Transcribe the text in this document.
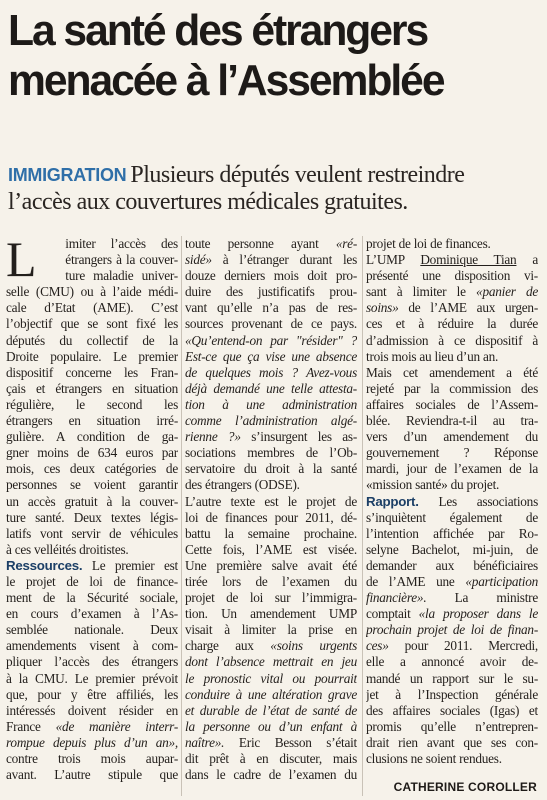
La santé des étrangers
menacée à l’Assemblée
IMMIGRATION Plusieurs députés veulent restreindre
l’accès aux couvertures médicales gratuites.
L	imiter l’accès des
étrangers à la couver-
ture maladie univer-
selle (CMU) ou à l’aide médi-
cale d’Etat (AME). C’est
l’objectif que se sont fixé les
députés du collectif de la
Droite populaire. Le premier
dispositif concerne les Fran-
çais et étrangers en situation
régulière, le second les
étrangers en situation irré-
gulière. A condition de ga-
gner moins de 634 euros par
mois, ces deux catégories de
personnes se voient garantir
un accès gratuit à la couver-
ture santé. Deux textes légis-
latifs vont servir de véhicules
à ces velléités droitistes.
Ressources. Le premier est
le projet de loi de finance-
ment de la Sécurité sociale,
en cours d’examen à l’As-
semblée nationale. Deux
amendements visent à com-
pliquer l’accès des étrangers
à la CMU. Le premier prévoit
que, pour y être affiliés, les
intéressés doivent résider en
France «de manière interr-
rompue depuis plus d’un an»,
contre trois mois aupar-
avant. L’autre stipule que
toute personne ayant «ré-
sidé» à l’étranger durant les
douze derniers mois doit pro-
duire des justificatifs prou-
vant qu’elle n’a pas de res-
sources provenant de ce pays.
«Qu’entend-on par "résider" ?
Est-ce que ça vise une absence
de quelques mois ? Avez-vous
déjà demandé une telle attesta-
tion à une administration
comme l’administration algé-
rienne ?» s’insurgent les as-
sociations membres de l’Ob-
servatoire du droit à la santé
des étrangers (ODSE).
L’autre texte est le projet de
loi de finances pour 2011, dé-
battu la semaine prochaine.
Cette fois, l’AME est visée.
Une première salve avait été
tirée lors de l’examen du
projet de loi sur l’immigra-
tion. Un amendement UMP
visait à limiter la prise en
charge aux «soins urgents
dont l’absence mettrait en jeu
le pronostic vital ou pourrait
conduire à une altération grave
et durable de l’état de santé de
la personne ou d’un enfant à
naître». Eric Besson s’était
dit prêt à en discuter, mais
dans le cadre de l’examen du
projet de loi de finances.
L’UMP Dominique Tian a
présenté une disposition vi-
sant à limiter le «panier de
soins» de l’AME aux urgen-
ces et à réduire la durée
d’admission à ce dispositif à
trois mois au lieu d’un an.
Mais cet amendement a été
rejeté par la commission des
affaires sociales de l’Assem-
blée. Reviendra-t-il au tra-
vers d’un amendement du
gouvernement ? Réponse
mardi, jour de l’examen de la
«mission santé» du projet.
Rapport. Les associations
s’inquiètent également de
l’intention affichée par Ro-
selyne Bachelot, mi-juin, de
demander aux bénéficiaires
de l’AME une «participation
financière». La ministre
comptait «la proposer dans le
prochain projet de loi de finan-
ces» pour 2011. Mercredi,
elle a annoncé avoir de-
mandé un rapport sur le su-
jet à l’Inspection générale
des affaires sociales (Igas) et
promis qu’elle n’entrepren-
drait rien avant que ses con-
clusions ne soient rendues.
CATHERINE COROLLER
